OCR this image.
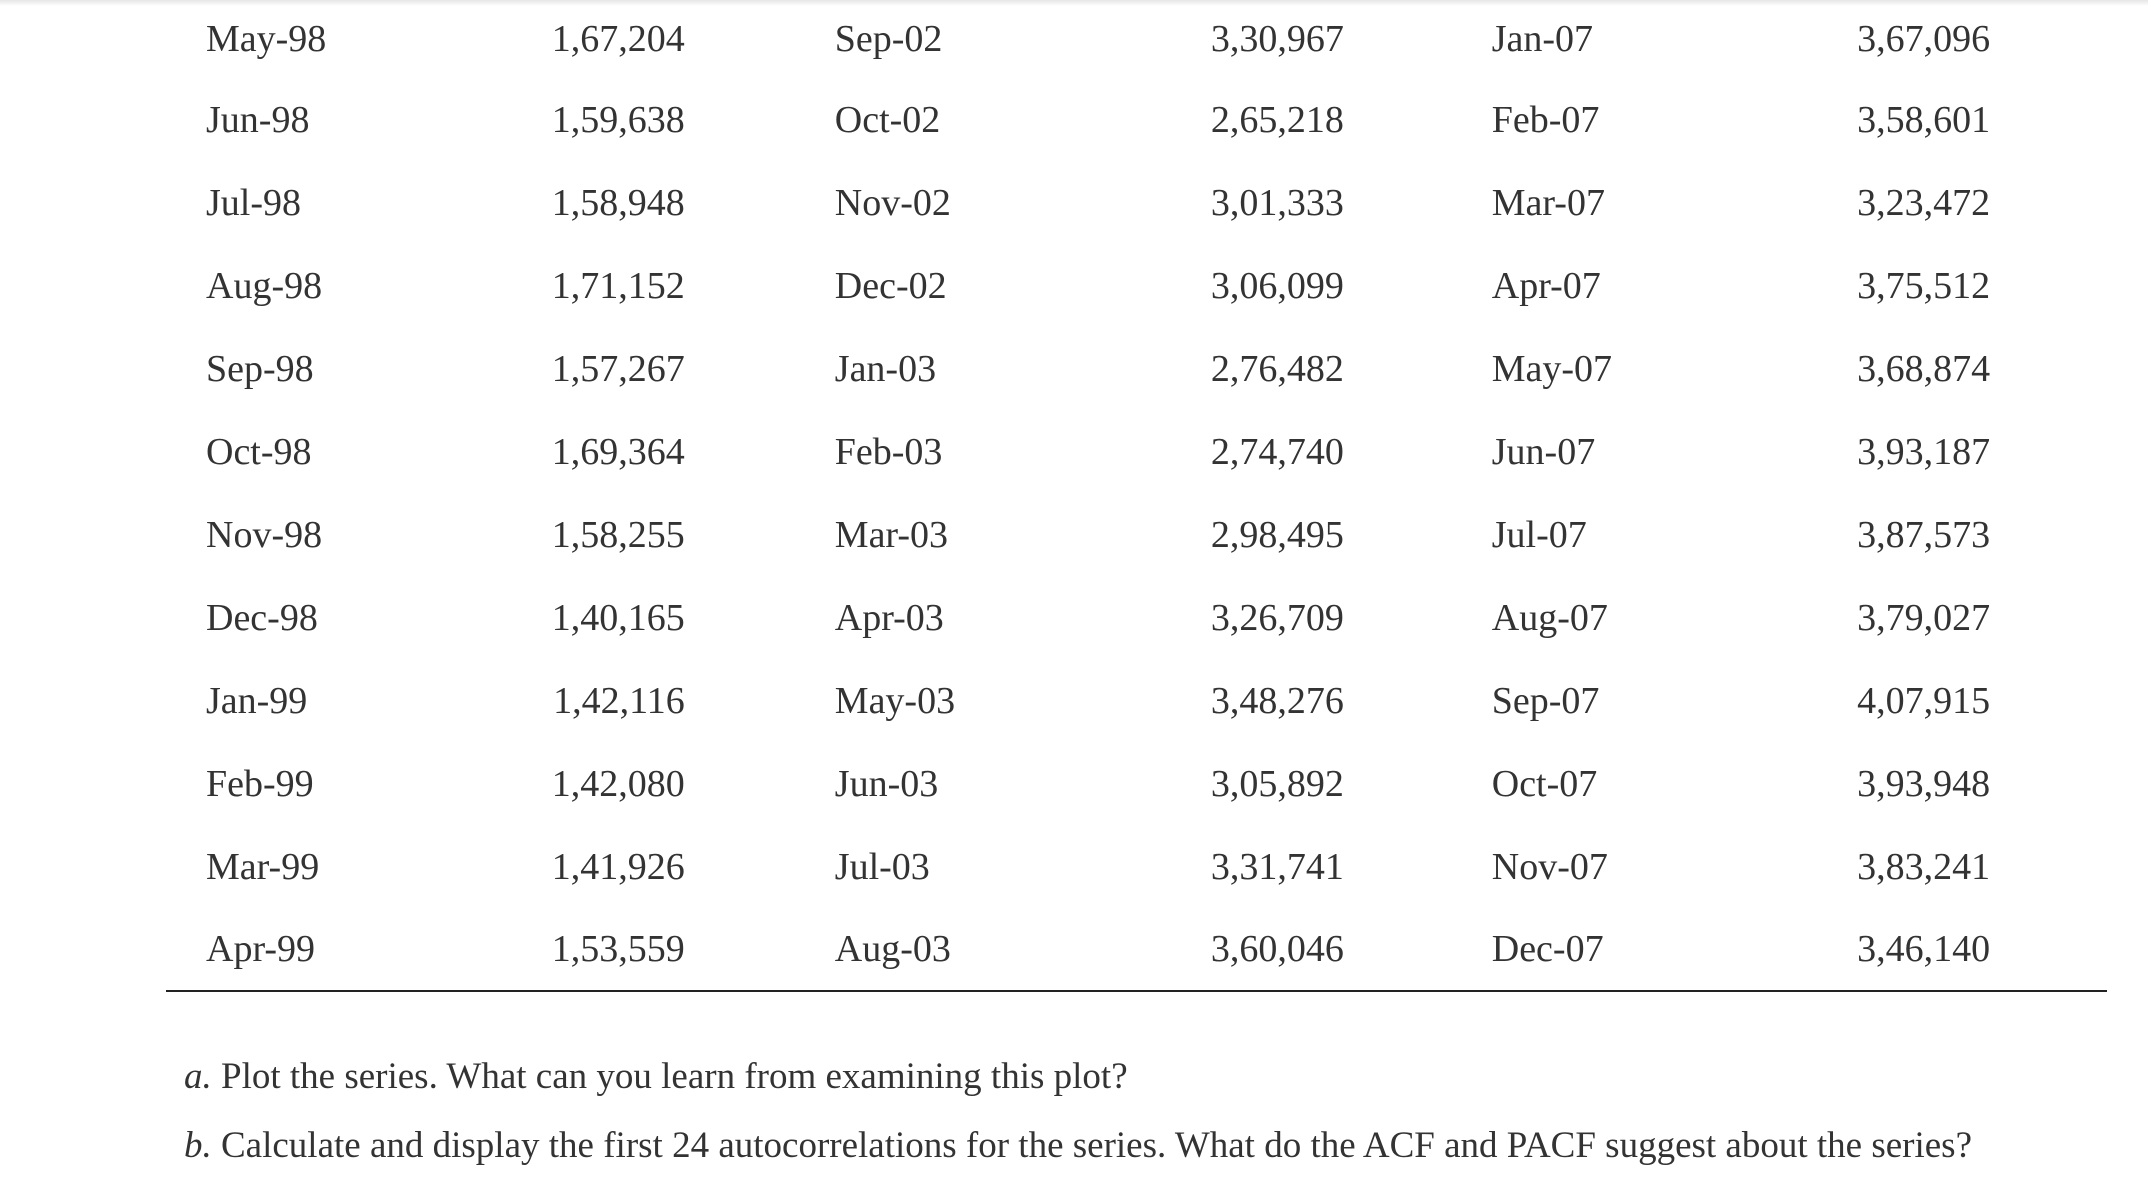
May-98	1,67,204		Sep-02	3,30,967		Jan-07	3,67,096	
Jun-98	1,59,638		Oct-02	2,65,218		Feb-07	3,58,601	
Jul-98	1,58,948		Nov-02	3,01,333		Mar-07	3,23,472	
Aug-98	1,71,152		Dec-02	3,06,099		Apr-07	3,75,512	
Sep-98	1,57,267		Jan-03	2,76,482		May-07	3,68,874	
Oct-98	1,69,364		Feb-03	2,74,740		Jun-07	3,93,187	
Nov-98	1,58,255		Mar-03	2,98,495		Jul-07	3,87,573	
Dec-98	1,40,165		Apr-03	3,26,709		Aug-07	3,79,027	
Jan-99	1,42,116		May-03	3,48,276		Sep-07	4,07,915	
Feb-99	1,42,080		Jun-03	3,05,892		Oct-07	3,93,948	
Mar-99	1,41,926		Jul-03	3,31,741		Nov-07	3,83,241	
Apr-99	1,53,559		Aug-03	3,60,046		Dec-07	3,46,140	
a. Plot the series. What can you learn from examining this plot?
b. Calculate and display the first 24 autocorrelations for the series. What do the ACF and PACF suggest about the series?
